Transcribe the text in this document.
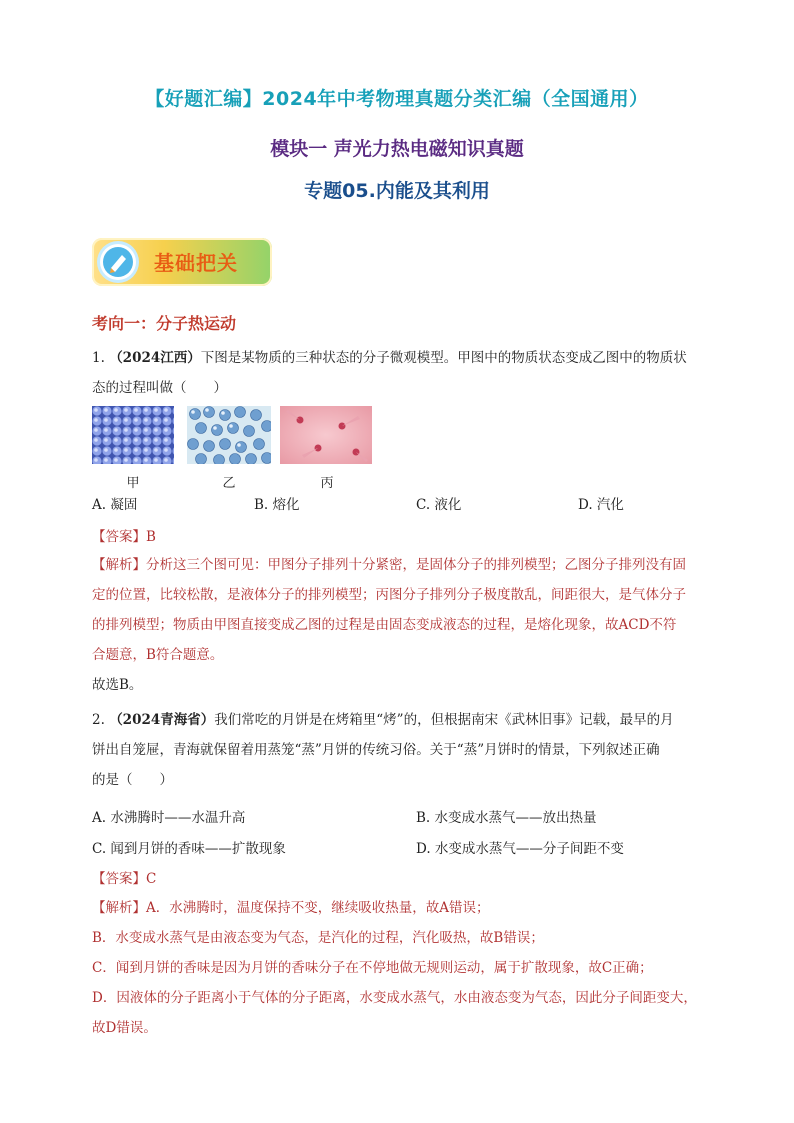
【好题汇编】2024年中考物理真题分类汇编（全国通用）
模块一 声光力热电磁知识真题
专题05.内能及其利用
基础把关
考向一：分子热运动
1. （2024江西）下图是某物质的三种状态的分子微观模型。甲图中的物质状态变成乙图中的物质状
态的过程叫做（　　）
甲	乙	丙
A. 凝固	B. 熔化	C. 液化	D. 汽化
【答案】B
【解析】分析这三个图可见：甲图分子排列十分紧密，是固体分子的排列模型；乙图分子排列没有固
定的位置，比较松散，是液体分子的排列模型；丙图分子排列分子极度散乱，间距很大，是气体分子
的排列模型；物质由甲图直接变成乙图的过程是由固态变成液态的过程，是熔化现象，故ACD不符
合题意，B符合题意。
故选B。
2. （2024青海省）我们常吃的月饼是在烤箱里“烤”的，但根据南宋《武林旧事》记载，最早的月
饼出自笼屉，青海就保留着用蒸笼“蒸”月饼的传统习俗。关于“蒸”月饼时的情景，下列叙述正确
的是（　　）
A. 水沸腾时——水温升高	B. 水变成水蒸气——放出热量
C. 闻到月饼的香味——扩散现象	D. 水变成水蒸气——分子间距不变
【答案】C
【解析】A．水沸腾时，温度保持不变，继续吸收热量，故A错误；
B．水变成水蒸气是由液态变为气态，是汽化的过程，汽化吸热，故B错误；
C．闻到月饼的香味是因为月饼的香味分子在不停地做无规则运动，属于扩散现象，故C正确；
D．因液体的分子距离小于气体的分子距离，水变成水蒸气，水由液态变为气态，因此分子间距变大，
故D错误。
